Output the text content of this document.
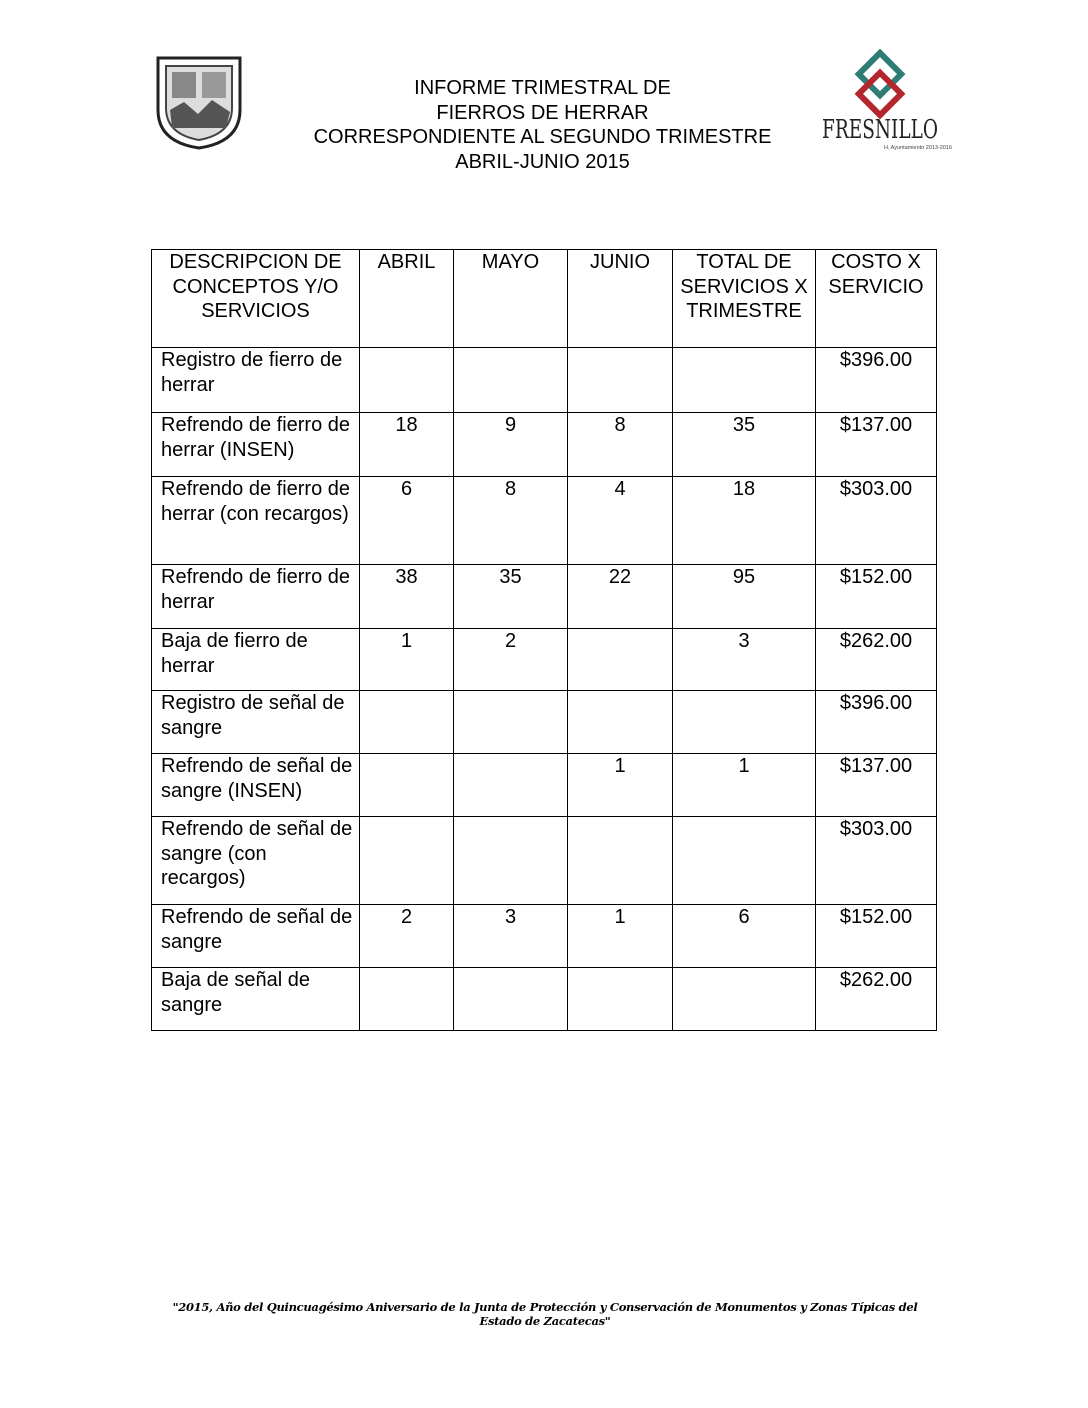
INFORME TRIMESTRAL DE
FIERROS DE HERRAR
CORRESPONDIENTE AL SEGUNDO TRIMESTRE
ABRIL-JUNIO 2015
FRESNILLO
H. Ayuntamiento 2013-2016
DESCRIPCION DE CONCEPTOS Y/O SERVICIOS	ABRIL	MAYO	JUNIO	TOTAL DE SERVICIOS X TRIMESTRE	COSTO X SERVICIO
Registro de fierro de herrar					$396.00
Refrendo de fierro de herrar (INSEN)	18	9	8	35	$137.00
Refrendo de fierro de herrar (con recargos)	6	8	4	18	$303.00
Refrendo de fierro de herrar	38	35	22	95	$152.00
Baja de fierro de herrar	1	2		3	$262.00
Registro de señal de sangre					$396.00
Refrendo de señal de sangre (INSEN)			1	1	$137.00
Refrendo de señal de sangre (con recargos)					$303.00
Refrendo de señal de sangre	2	3	1	6	$152.00
Baja de señal de sangre					$262.00
"2015, Año del Quincuagésimo Aniversario de la Junta de Protección y Conservación de Monumentos y Zonas Típicas del Estado de Zacatecas"
